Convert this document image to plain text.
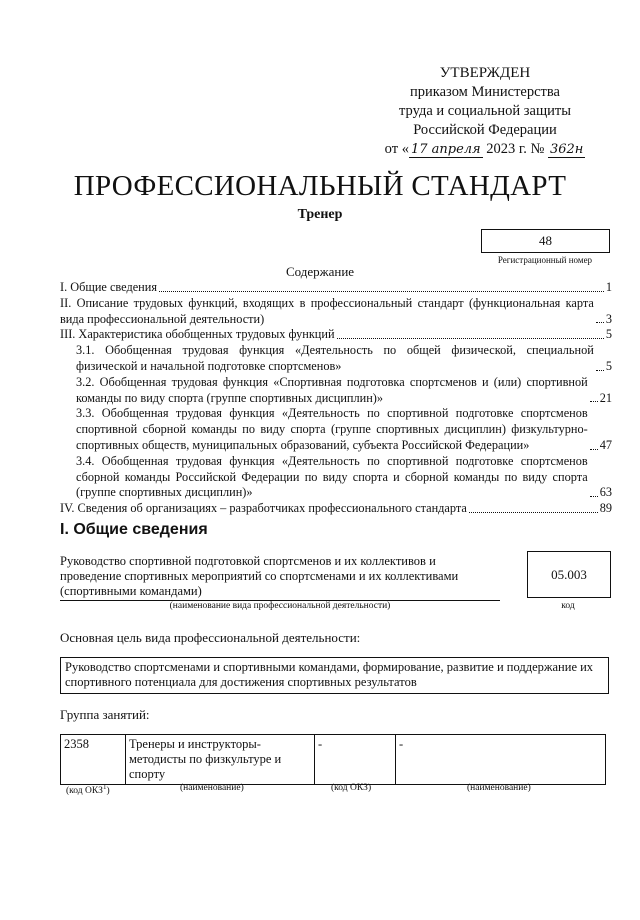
УТВЕРЖДЕН
приказом Министерства
труда и социальной защиты
Российской Федерации
от « 17 апреля 2023 г. № 362н
ПРОФЕССИОНАЛЬНЫЙ СТАНДАРТ
Тренер
48
Регистрационный номер
Содержание
I. Общие сведения	1
II. Описание трудовых функций, входящих в профессиональный стандарт (функциональная карта вида профессиональной деятельности)	3
III. Характеристика обобщенных трудовых функций	5
3.1. Обобщенная трудовая функция «Деятельность по общей физической, специальной физической и начальной подготовке спортсменов»	5
3.2. Обобщенная трудовая функция «Спортивная подготовка спортсменов и (или) спортивной команды по виду спорта (группе спортивных дисциплин)»	21
3.3. Обобщенная трудовая функция «Деятельность по спортивной подготовке спортсменов спортивной сборной команды по виду спорта (группе спортивных дисциплин) физкультурно-спортивных обществ, муниципальных образований, субъекта Российской Федерации»	47
3.4. Обобщенная трудовая функция «Деятельность по спортивной подготовке спортсменов сборной команды Российской Федерации по виду спорта и сборной команды по виду спорта (группе спортивных дисциплин)»	63
IV. Сведения об организациях – разработчиках профессионального стандарта	89
I. Общие сведения
Руководство спортивной подготовкой спортсменов и их коллективов и проведение спортивных мероприятий со спортсменами и их коллективами (спортивными командами)
05.003
(наименование вида профессиональной деятельности)	код
Основная цель вида профессиональной деятельности:
Руководство спортсменами и спортивными командами, формирование, развитие и поддержание их спортивного потенциала для достижения спортивных результатов
Группа занятий:
2358	Тренеры и инструкторы-методисты по физкультуре и спорту	-	-
(код ОКЗ$^1$)	(наименование)	(код ОКЗ)	(наименование)
